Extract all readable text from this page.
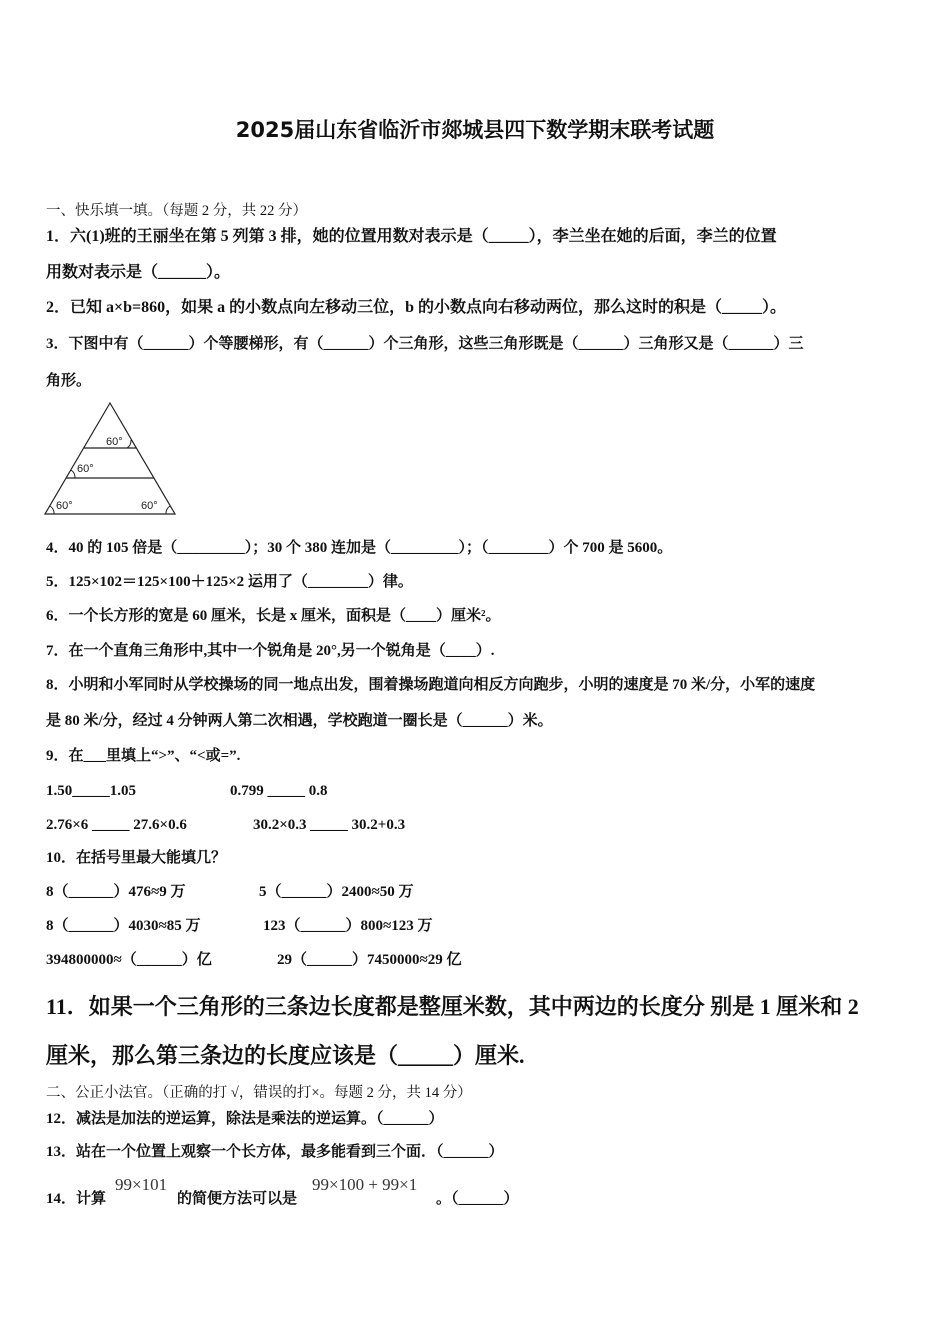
2025届山东省临沂市郯城县四下数学期末联考试题
一、快乐填一填。（每题 2 分，共 22 分）
1．六(1)班的王丽坐在第 5 列第 3 排，她的位置用数对表示是（_____），李兰坐在她的后面，李兰的位置
用数对表示是（______）。
2．已知 a×b=860，如果 a 的小数点向左移动三位，b 的小数点向右移动两位，那么这时的积是（_____）。
3．下图中有（______）个等腰梯形，有（______）个三角形，这些三角形既是（______）三角形又是（______）三
角形。
60°
60°
60°	60°
4．40 的 105 倍是（_________）；30 个 380 连加是（_________）；（________）个 700 是 5600。
5．125×102＝125×100＋125×2 运用了（________）律。
6．一个长方形的宽是 60 厘米，长是 x 厘米，面积是（____）厘米²。
7．在一个直角三角形中,其中一个锐角是 20°,另一个锐角是（____）.
8．小明和小军同时从学校操场的同一地点出发，围着操场跑道向相反方向跑步，小明的速度是 70 米/分，小军的速度
是 80 米/分，经过 4 分钟两人第二次相遇，学校跑道一圈长是（______）米。
9．在___里填上“>”、“<或=”.
1.50_____1.05	0.799 _____ 0.8
2.76×6 _____ 27.6×0.6	30.2×0.3 _____ 30.2+0.3
10．在括号里最大能填几？
8（______）476≈9 万	5（______）2400≈50 万
8（______）4030≈85 万	123（______）800≈123 万
394800000≈（______）亿	29（______）7450000≈29 亿
11．如果一个三角形的三条边长度都是整厘米数，其中两边的长度分 别是 1 厘米和 2
厘米，那么第三条边的长度应该是（_____）厘米.
二、公正小法官。（正确的打 √，错误的打×。每题 2 分，共 14 分）
12．减法是加法的逆运算，除法是乘法的逆运算。（______）
13．站在一个位置上观察一个长方体，最多能看到三个面．（______）
14．计算
99×101
的简便方法可以是
99×100 + 99×1
。（______）
